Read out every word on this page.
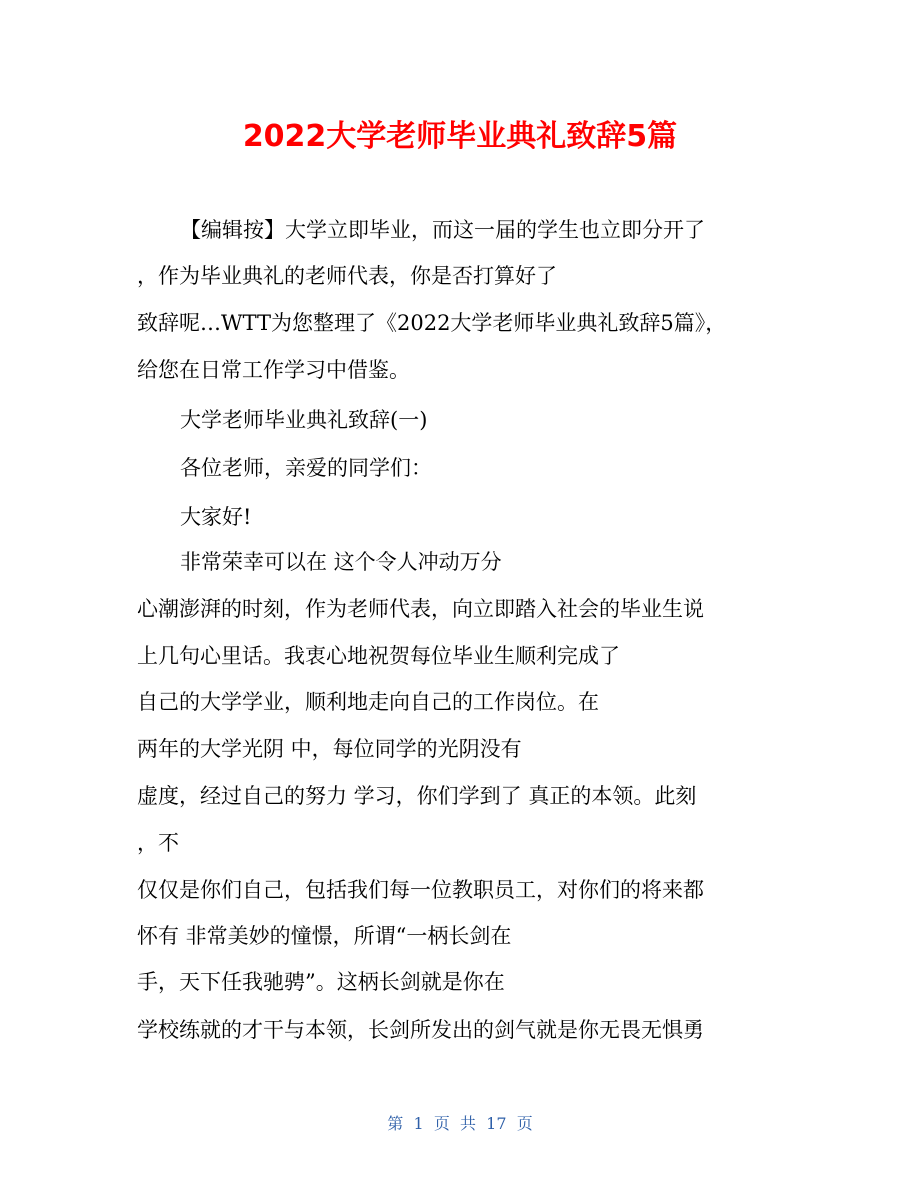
2022大学老师毕业典礼致辞5篇
【编辑按】大学立即毕业，而这一届的学生也立即分开了
，作为毕业典礼的老师代表，你是否打算好了
致辞呢…WTT为您整理了《2022大学老师毕业典礼致辞5篇》，
给您在日常工作学习中借鉴。
大学老师毕业典礼致辞(一)
各位老师，亲爱的同学们：
大家好!
非常荣幸可以在 这个令人冲动万分
心潮澎湃的时刻，作为老师代表，向立即踏入社会的毕业生说
上几句心里话。我衷心地祝贺每位毕业生顺利完成了
自己的大学学业，顺利地走向自己的工作岗位。在
两年的大学光阴 中，每位同学的光阴没有
虚度，经过自己的努力 学习，你们学到了 真正的本领。此刻
，不
仅仅是你们自己，包括我们每一位教职员工，对你们的将来都
怀有 非常美妙的憧憬，所谓“一柄长剑在
手，天下任我驰骋”。这柄长剑就是你在
学校练就的才干与本领，长剑所发出的剑气就是你无畏无惧勇
第  1  页  共  17  页
